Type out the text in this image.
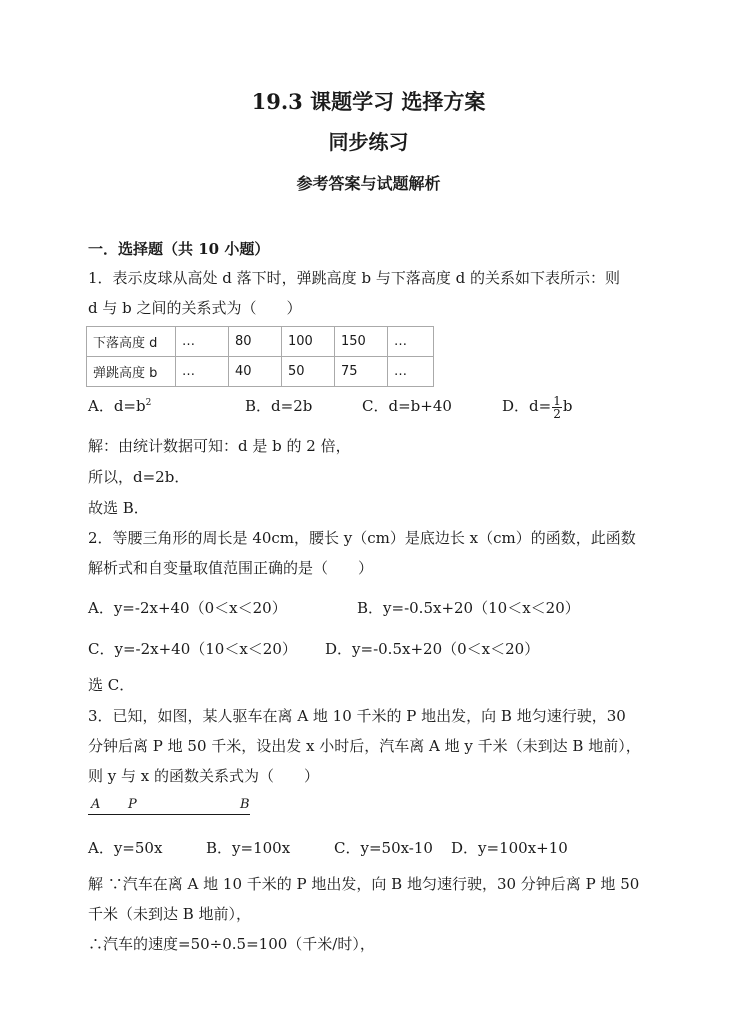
19.3 课题学习 选择方案
同步练习
参考答案与试题解析
一．选择题（共 10 小题）
1．表示皮球从高处 d 落下时，弹跳高度 b 与下落高度 d 的关系如下表所示：则
d 与 b 之间的关系式为（　　）
下落高度 d	…	80	100	150	…
弹跳高度 b	…	40	50	75	…
A．$d=b^2$	B．d=2b	C．d=b+40	D．$d= \frac{1}{2}$ b
解：由统计数据可知：d 是 b 的 2 倍，
所以，d=2b．
故选 B．
2．等腰三角形的周长是 40cm，腰长 y（cm）是底边长 x（cm）的函数，此函数
解析式和自变量取值范围正确的是（　　）
A．y=-2x+40（0＜x＜20）	B．y=-0.5x+20（10＜x＜20）
C．y=-2x+40（10＜x＜20） D．y=-0.5x+20（0＜x＜20）
选 C．
3．已知，如图，某人驱车在离 A 地 10 千米的 P 地出发，向 B 地匀速行驶，30
分钟后离 P 地 50 千米，设出发 x 小时后，汽车离 A 地 y 千米（未到达 B 地前），
则 y 与 x 的函数关系式为（　　）
A P	B
A．y=50x	B．y=100x	C．y=50x-10 D．y=100x+10
解 ∵汽车在离 A 地 10 千米的 P 地出发，向 B 地匀速行驶，30 分钟后离 P 地 50
千米（未到达 B 地前），
∴汽车的速度=50÷0.5=100（千米/时），
